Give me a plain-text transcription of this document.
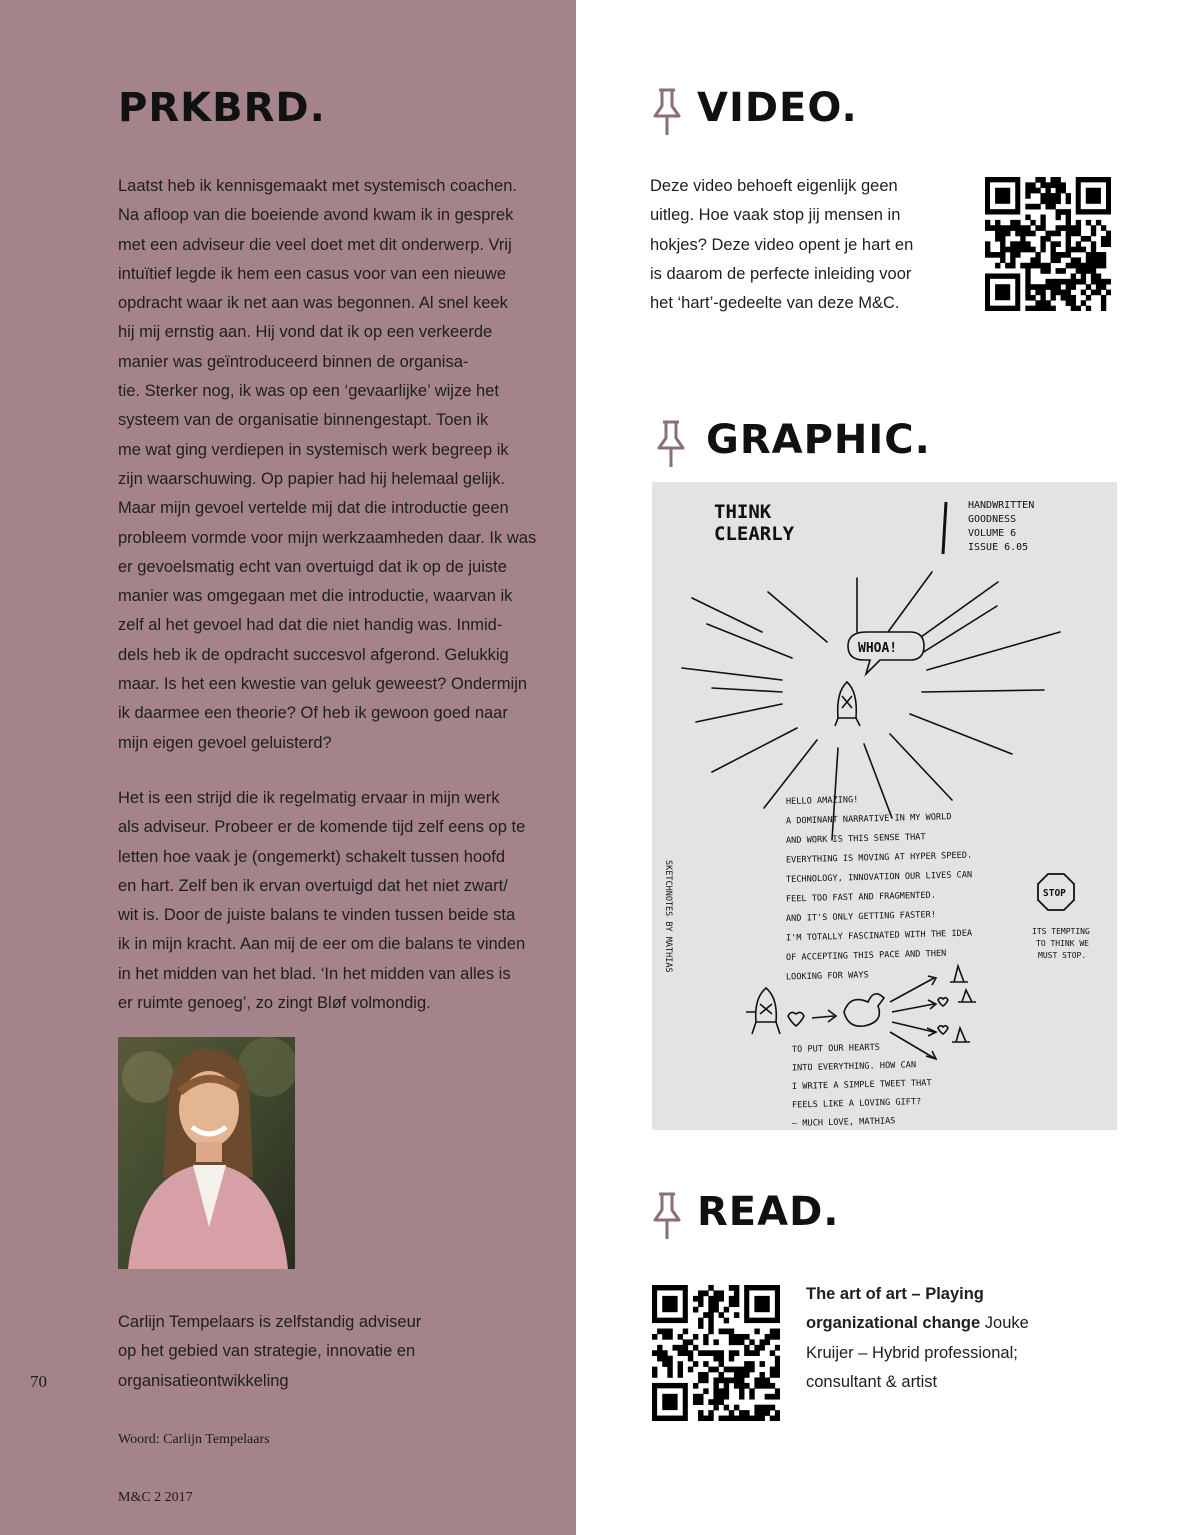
PRKBRD.
Laatst heb ik kennisgemaakt met systemisch coachen.
Na afloop van die boeiende avond kwam ik in gesprek
met een adviseur die veel doet met dit onderwerp. Vrij
intuïtief legde ik hem een casus voor van een nieuwe
opdracht waar ik net aan was begonnen. Al snel keek
hij mij ernstig aan. Hij vond dat ik op een verkeerde
manier was geïntroduceerd binnen de organisa-
tie. Sterker nog, ik was op een ‘gevaarlijke’ wijze het
systeem van de organisatie binnengestapt. Toen ik
me wat ging verdiepen in systemisch werk begreep ik
zijn waarschuwing. Op papier had hij helemaal gelijk.
Maar mijn gevoel vertelde mij dat die introductie geen
probleem vormde voor mijn werkzaamheden daar. Ik was
er gevoelsmatig echt van overtuigd dat ik op de juiste
manier was omgegaan met die introductie, waarvan ik
zelf al het gevoel had dat die niet handig was. Inmid-
dels heb ik de opdracht succesvol afgerond. Gelukkig
maar. Is het een kwestie van geluk geweest? Ondermijn
ik daarmee een theorie? Of heb ik gewoon goed naar
mijn eigen gevoel geluisterd?
Het is een strijd die ik regelmatig ervaar in mijn werk
als adviseur. Probeer er de komende tijd zelf eens op te
letten hoe vaak je (ongemerkt) schakelt tussen hoofd
en hart. Zelf ben ik ervan overtuigd dat het niet zwart/
wit is. Door de juiste balans te vinden tussen beide sta
ik in mijn kracht. Aan mij de eer om die balans te vinden
in het midden van het blad. ‘In het midden van alles is
er ruimte genoeg’, zo zingt Bløf volmondig.
Carlijn Tempelaars is zelfstandig adviseur
op het gebied van strategie, innovatie en
organisatieontwikkeling
70
Woord: Carlijn Tempelaars
M&C 2 2017
VIDEO.
Deze video behoeft eigenlijk geen
uitleg. Hoe vaak stop jij mensen in
hokjes? Deze video opent je hart en
is daarom de perfecte inleiding voor
het ‘hart’-gedeelte van deze M&C.
GRAPHIC.
THINK
CLEARLY
HANDWRITTEN
GOODNESS
VOLUME 6
ISSUE 6.05
WHOA!
HELLO AMAZING!
A DOMINANT NARRATIVE IN MY WORLD
AND WORK IS THIS SENSE THAT
EVERYTHING IS MOVING AT HYPER SPEED.
TECHNOLOGY, INNOVATION OUR LIVES CAN
FEEL TOO FAST AND FRAGMENTED.
AND IT'S ONLY GETTING FASTER!
I'M TOTALLY FASCINATED WITH THE IDEA
OF ACCEPTING THIS PACE AND THEN
LOOKING FOR WAYS
SKETCHNOTES BY MATHIAS	STOP
ITS TEMPTING
TO THINK WE
MUST STOP.
TO PUT OUR HEARTS
INTO EVERYTHING. HOW CAN
I WRITE A SIMPLE TWEET THAT
FEELS LIKE A LOVING GIFT?
— MUCH LOVE, MATHIAS
READ.
The art of art – Playing
organizational change Jouke
Kruijer – Hybrid professional;
consultant & artist
